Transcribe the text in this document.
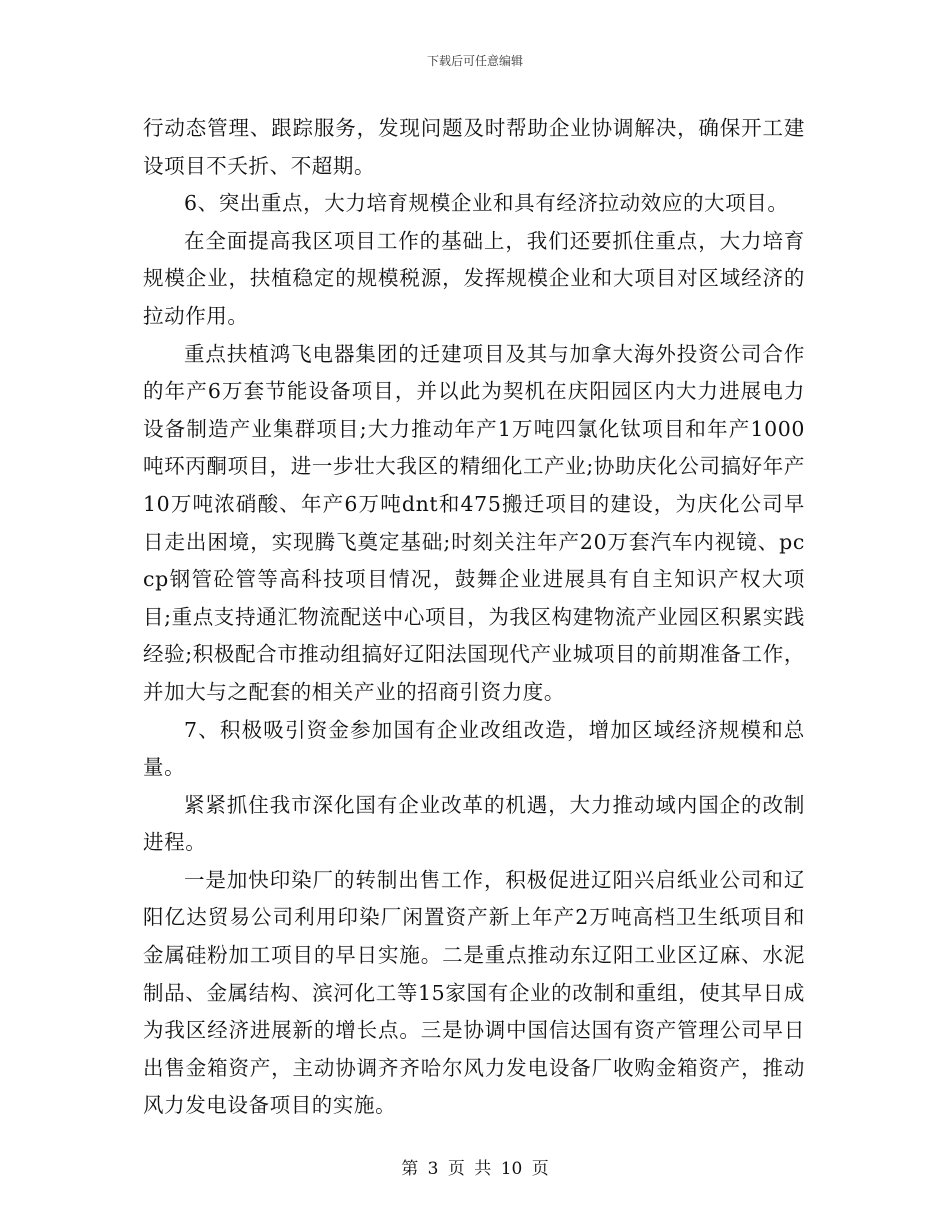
下载后可任意编辑

行动态管理、跟踪服务，发现问题及时帮助企业协调解决，确保开工建设项目不夭折、不超期。

6、突出重点，大力培育规模企业和具有经济拉动效应的大项目。

在全面提高我区项目工作的基础上，我们还要抓住重点，大力培育规模企业，扶植稳定的规模税源，发挥规模企业和大项目对区域经济的拉动作用。

重点扶植鸿飞电器集团的迁建项目及其与加拿大海外投资公司合作的年产6万套节能设备项目，并以此为契机在庆阳园区内大力进展电力设备制造产业集群项目;大力推动年产1万吨四氯化钛项目和年产1000吨环丙酮项目，进一步壮大我区的精细化工产业;协助庆化公司搞好年产10万吨浓硝酸、年产6万吨dnt和475搬迁项目的建设，为庆化公司早日走出困境，实现腾飞奠定基础;时刻关注年产20万套汽车内视镜、pccp钢管砼管等高科技项目情况，鼓舞企业进展具有自主知识产权大项目;重点支持通汇物流配送中心项目，为我区构建物流产业园区积累实践经验;积极配合市推动组搞好辽阳法国现代产业城项目的前期准备工作，并加大与之配套的相关产业的招商引资力度。

7、积极吸引资金参加国有企业改组改造，增加区域经济规模和总量。

紧紧抓住我市深化国有企业改革的机遇，大力推动域内国企的改制进程。

一是加快印染厂的转制出售工作，积极促进辽阳兴启纸业公司和辽阳亿达贸易公司利用印染厂闲置资产新上年产2万吨高档卫生纸项目和金属硅粉加工项目的早日实施。二是重点推动东辽阳工业区辽麻、水泥制品、金属结构、滨河化工等15家国有企业的改制和重组，使其早日成为我区经济进展新的增长点。三是协调中国信达国有资产管理公司早日出售金箱资产，主动协调齐齐哈尔风力发电设备厂收购金箱资产，推动风力发电设备项目的实施。

第 3 页 共 10 页
